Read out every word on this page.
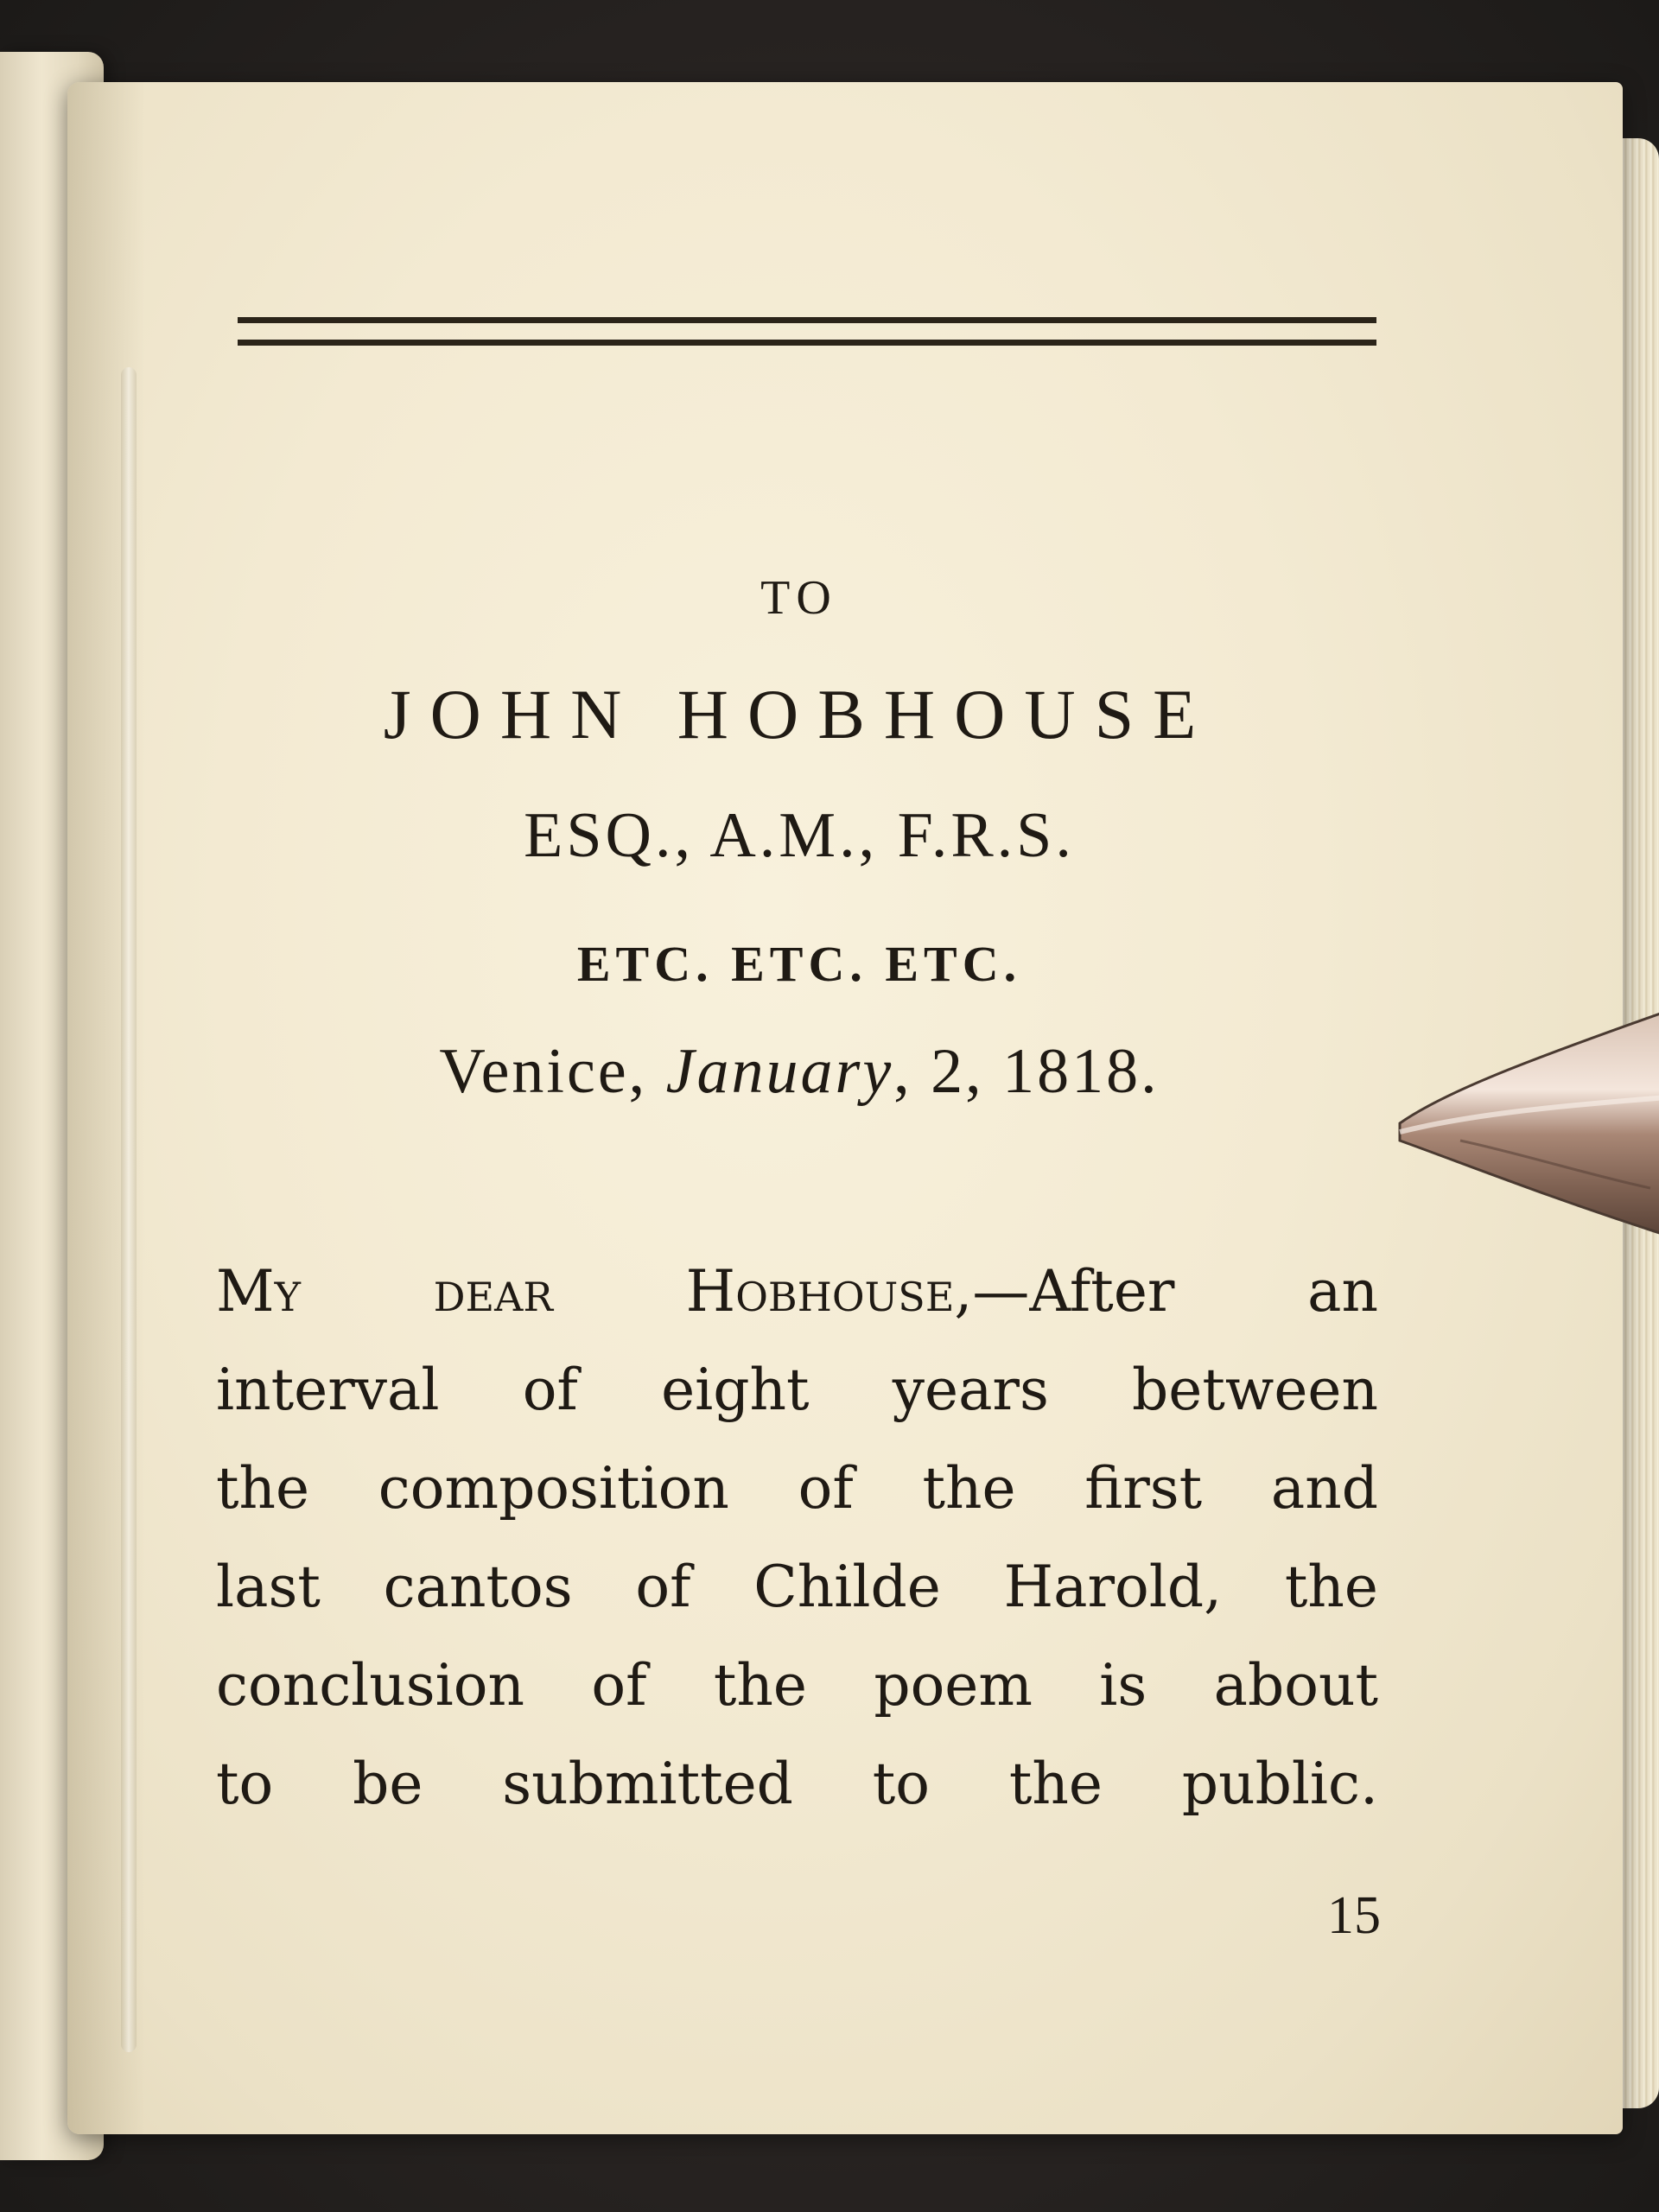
TO
JOHN HOBHOUSE
ESQ., A.M., F.R.S.
ETC. ETC. ETC.
Venice, January, 2, 1818.
My dear Hobhouse,—After an
interval of eight years between
the composition of the first and
last cantos of Childe Harold, the
conclusion of the poem is about
to be submitted to the public.
15
